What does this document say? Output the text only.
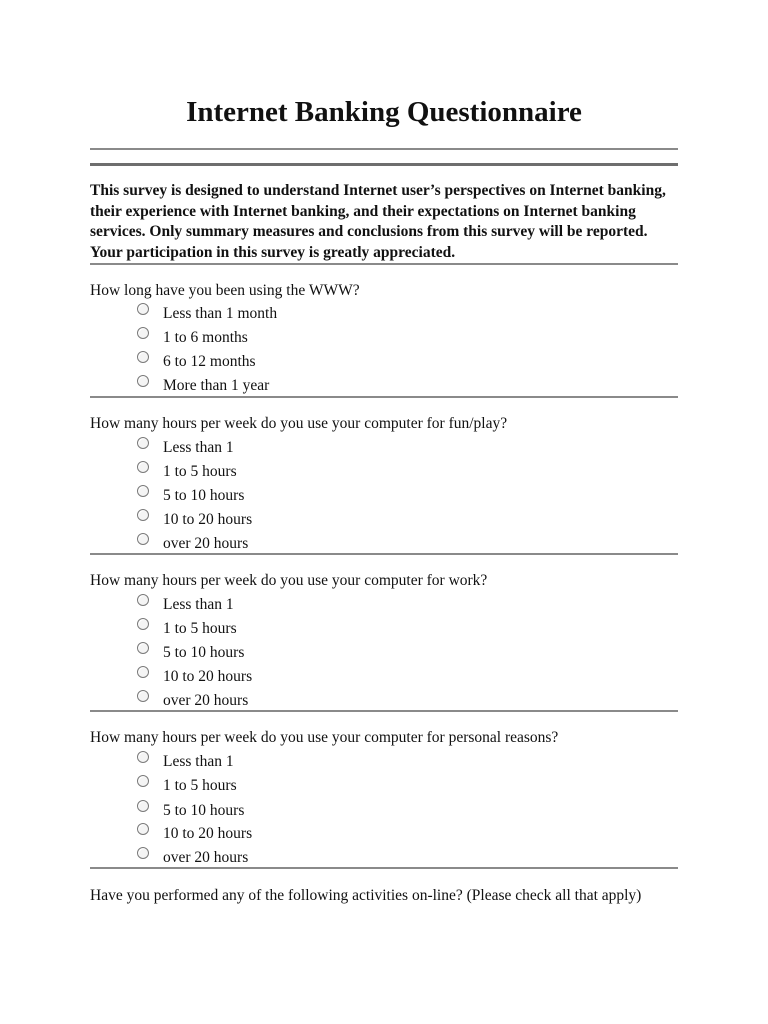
Internet Banking Questionnaire

This survey is designed to understand Internet user’s perspectives on Internet banking, their experience with Internet banking, and their expectations on Internet banking services. Only summary measures and conclusions from this survey will be reported. Your participation in this survey is greatly appreciated.

How long have you been using the WWW?

Less than 1 month
1 to 6 months
6 to 12 months
More than 1 year

How many hours per week do you use your computer for fun/play?

Less than 1
1 to 5 hours
5 to 10 hours
10 to 20 hours
over 20 hours

How many hours per week do you use your computer for work?

Less than 1
1 to 5 hours
5 to 10 hours
10 to 20 hours
over 20 hours

How many hours per week do you use your computer for personal reasons?

Less than 1
1 to 5 hours
5 to 10 hours
10 to 20 hours
over 20 hours

Have you performed any of the following activities on-line? (Please check all that apply)
